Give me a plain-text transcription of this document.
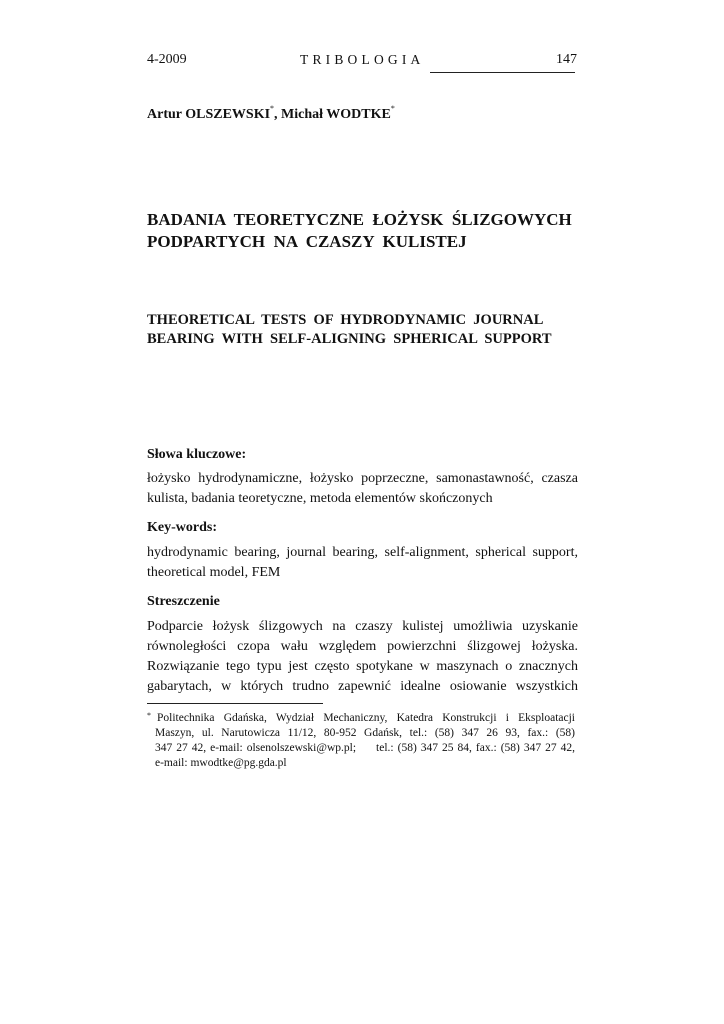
4-2009	TRIBOLOGIA	147
Artur OLSZEWSKI*, Michał WODTKE*
BADANIA  TEORETYCZNE  ŁOŻYSK  ŚLIZGOWYCH
PODPARTYCH  NA  CZASZY  KULISTEJ
THEORETICAL  TESTS  OF  HYDRODYNAMIC  JOURNAL
BEARING  WITH  SELF-ALIGNING  SPHERICAL  SUPPORT
Słowa kluczowe:
łożysko hydrodynamiczne, łożysko poprzeczne, samonastawność, czasza
kulista, badania teoretyczne, metoda elementów skończonych
Key-words:
hydrodynamic bearing, journal bearing, self-alignment, spherical support,
theoretical model, FEM
Streszczenie
Podparcie łożysk ślizgowych na czaszy kulistej umożliwia uzyskanie
równoległości czopa wału względem powierzchni ślizgowej łożyska.
Rozwiązanie tego typu jest często spotykane w maszynach o znacznych
gabarytach, w których trudno zapewnić idealne osiowanie wszystkich
* Politechnika Gdańska, Wydział Mechaniczny, Katedra Konstrukcji i Eksploatacji
Maszyn, ul. Narutowicza 11/12, 80-952 Gdańsk, tel.: (58) 347 26 93, fax.: (58)
347 27 42, e-mail: olsenolszewski@wp.pl;     tel.: (58) 347 25 84, fax.: (58) 347 27 42,
e-mail: mwodtke@pg.gda.pl
